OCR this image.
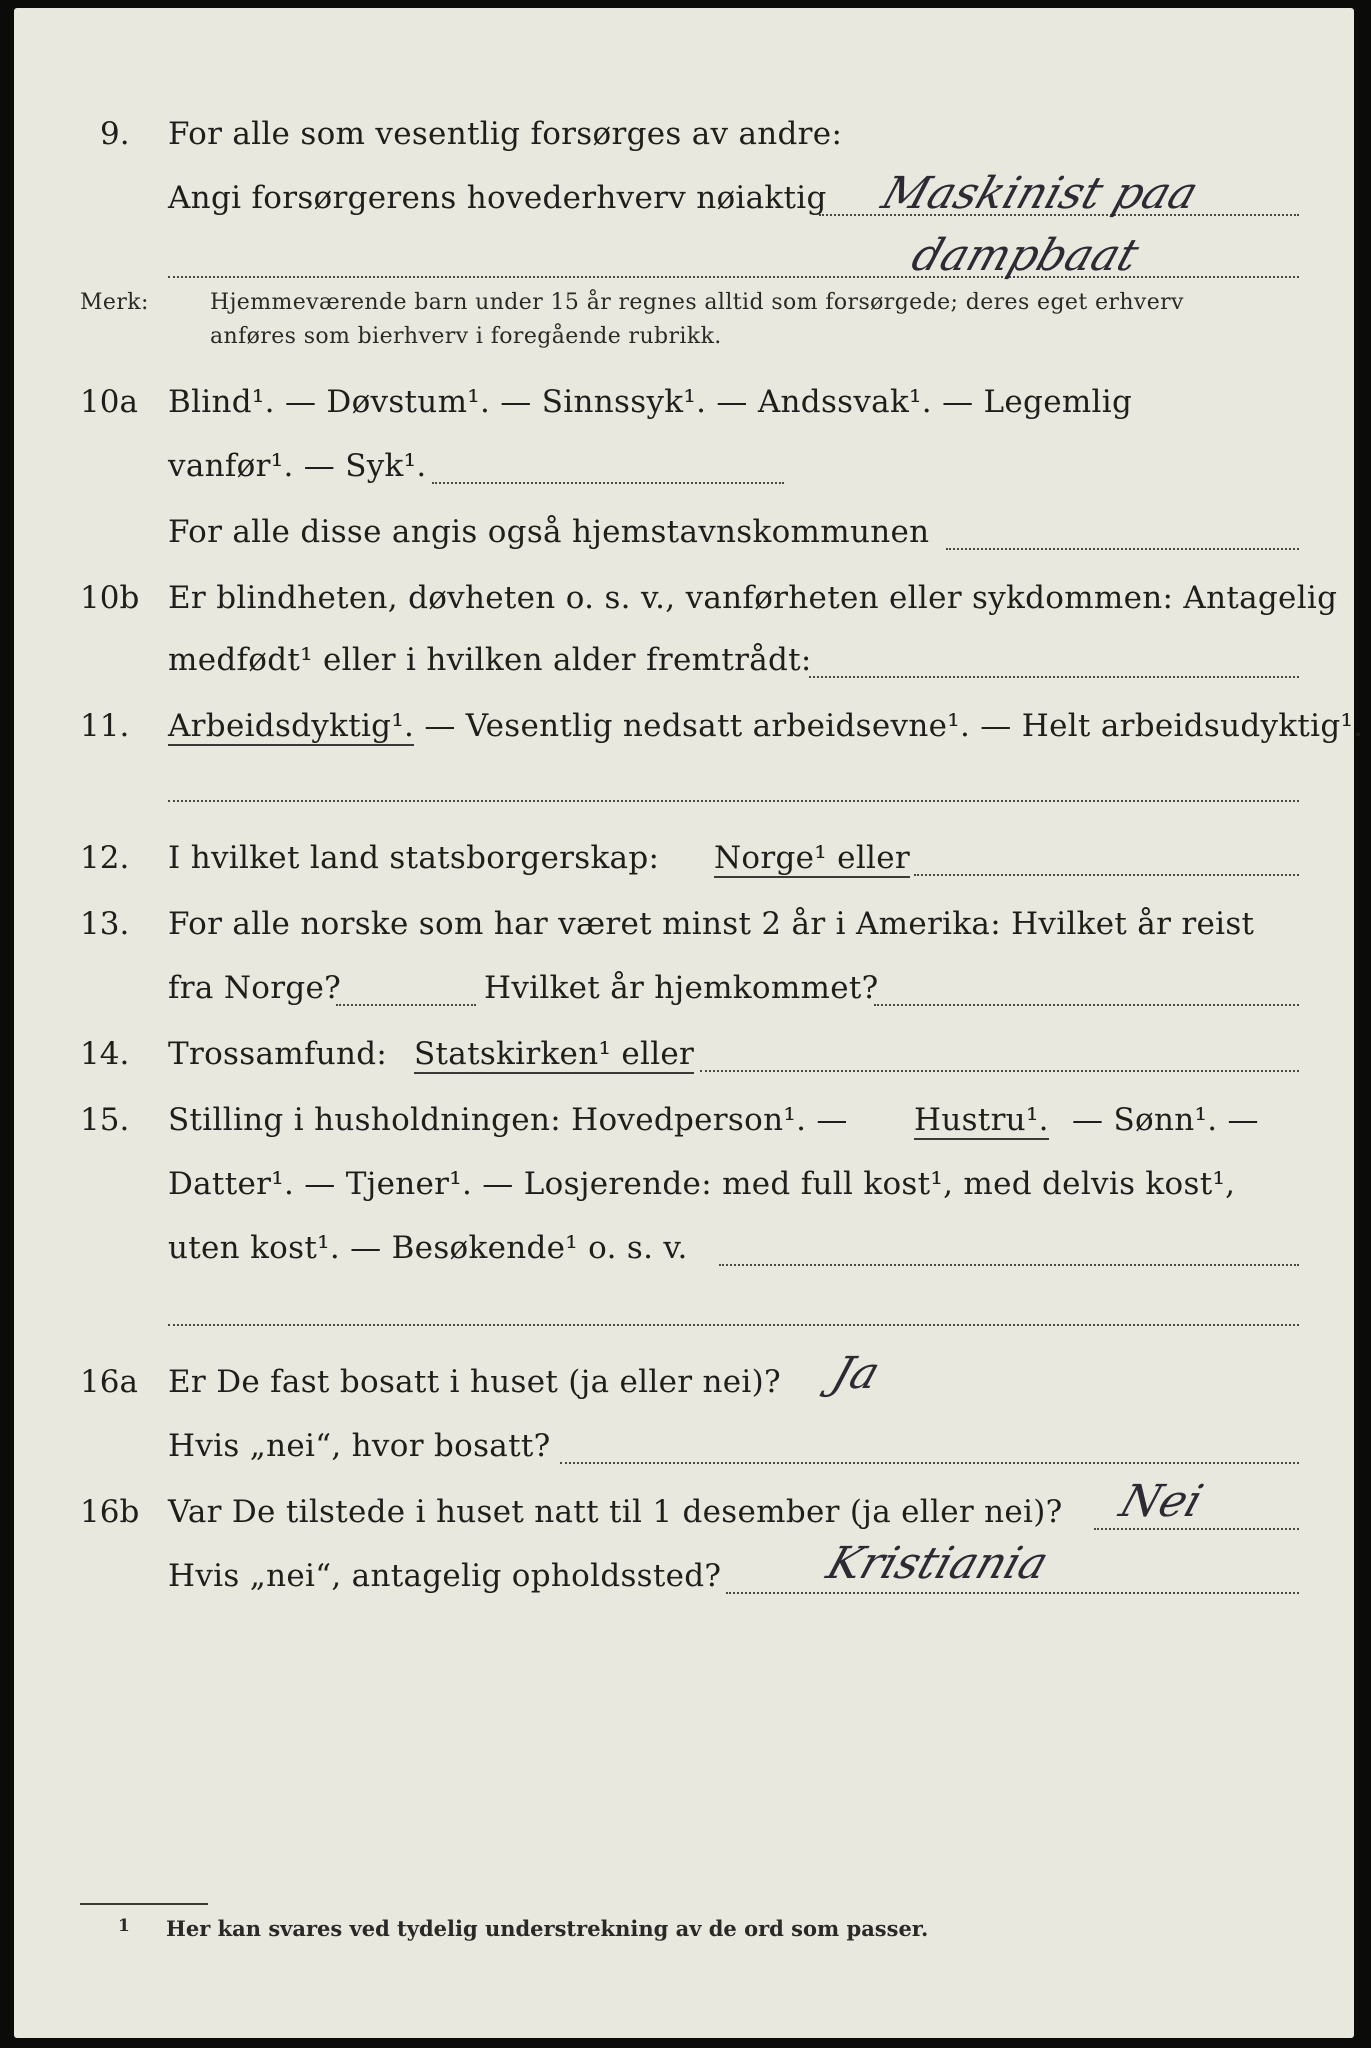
9. For alle som vesentlig forsørges av andre:
Angi forsørgerens hovederhverv nøiaktig Maskinist paa
dampbaat
Merk:	Hjemmeværende barn under 15 år regnes alltid som forsørgede; deres eget erhverv
anføres som bierhverv i foregående rubrikk.
10a Blind¹. — Døvstum¹. — Sinnssyk¹. — Andssvak¹. — Legemlig
vanfør¹. — Syk¹.
For alle disse angis også hjemstavnskommunen
10b Er blindheten, døvheten o. s. v., vanførheten eller sykdommen: Antagelig
medfødt¹ eller i hvilken alder fremtrådt:
11. Arbeidsdyktig¹. — Vesentlig nedsatt arbeidsevne¹. — Helt arbeidsudyktig¹.
12. I hvilket land statsborgerskap: Norge¹ eller
13. For alle norske som har været minst 2 år i Amerika: Hvilket år reist
fra Norge?	Hvilket år hjemkommet?
14. Trossamfund: Statskirken¹ eller
15. Stilling i husholdningen: Hovedperson¹. — Hustru¹. — Sønn¹. —
Datter¹. — Tjener¹. — Losjerende: med full kost¹, med delvis kost¹,
uten kost¹. — Besøkende¹ o. s. v.
16a Er De fast bosatt i huset (ja eller nei)? Ja
Hvis „nei“, hvor bosatt?
16b Var De tilstede i huset natt til 1 desember (ja eller nei)? Nei
Hvis „nei“, antagelig opholdssted? Kristiania
1 Her kan svares ved tydelig understrekning av de ord som passer.
